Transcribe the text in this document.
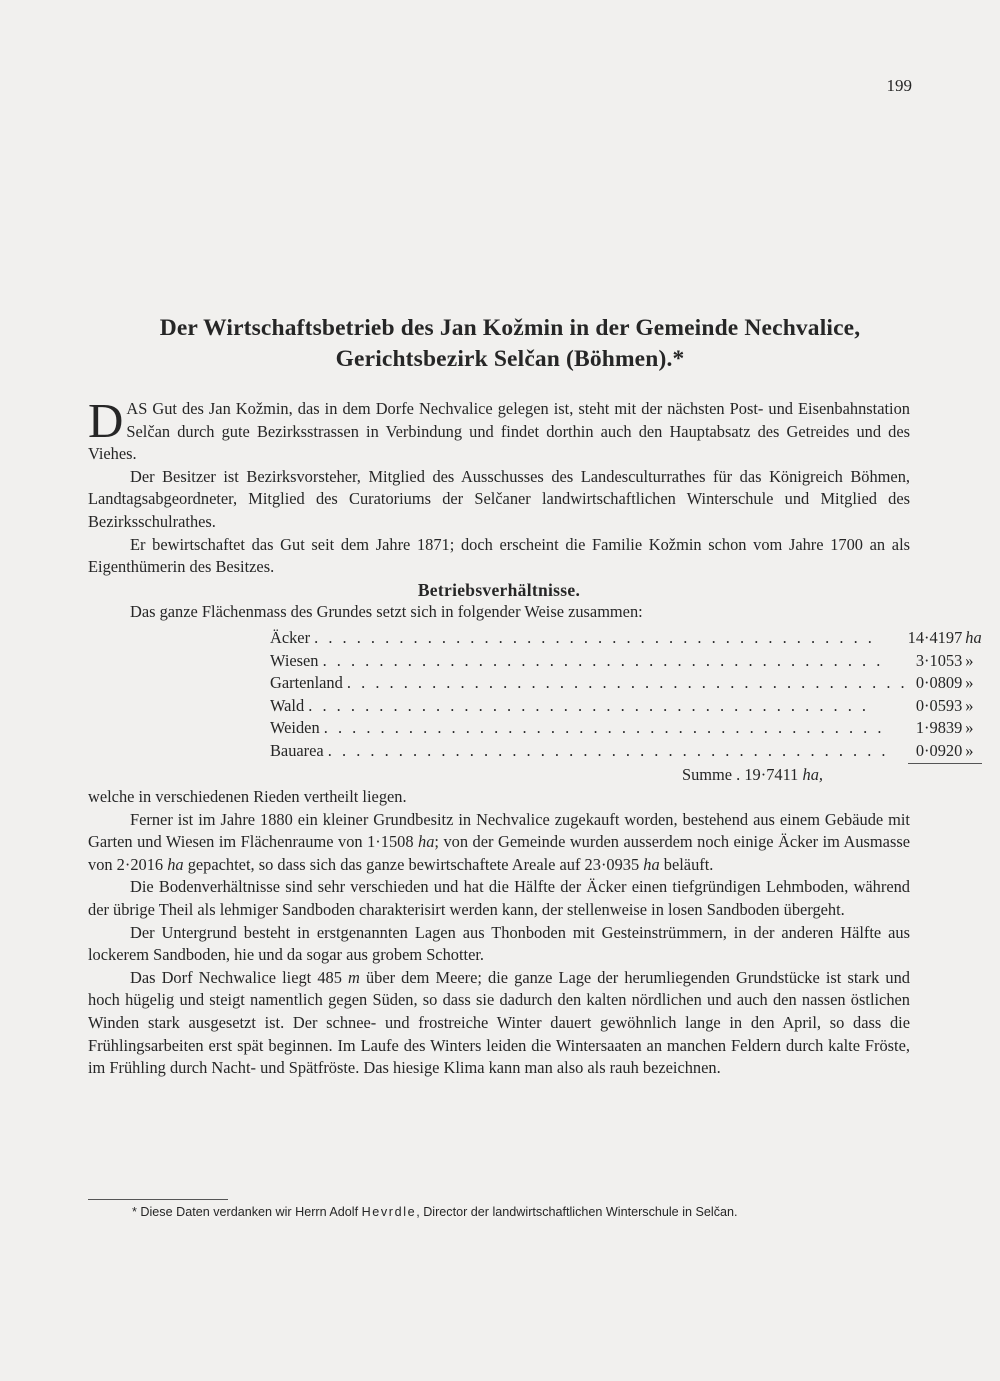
199
Der Wirtschaftsbetrieb des Jan Kožmin in der Gemeinde Nechvalice,
Gerichtsbezirk Selčan (Böhmen).*

DAS Gut des Jan Kožmin, das in dem Dorfe Nechvalice gelegen ist, steht mit der nächsten Post- und Eisenbahnstation Selčan durch gute Bezirksstrassen in Verbindung und findet dorthin auch den Hauptabsatz des Getreides und des Viehes.

Der Besitzer ist Bezirksvorsteher, Mitglied des Ausschusses des Landesculturrathes für das Königreich Böhmen, Landtagsabgeordneter, Mitglied des Curatoriums der Selčaner landwirtschaftlichen Winterschule und Mitglied des Bezirksschulrathes.

Er bewirtschaftet das Gut seit dem Jahre 1871; doch erscheint die Familie Kožmin schon vom Jahre 1700 an als Eigenthümerin des Besitzes.

Betriebsverhältnisse.

Das ganze Flächenmass des Grundes setzt sich in folgender Weise zusammen:

Äcker . . . . . . . . . . . . . . . . . . . . . . . . . . . . . . . . . . . . . . . .	14·4197	ha
Wiesen . . . . . . . . . . . . . . . . . . . . . . . . . . . . . . . . . . . . . . . .	3·1053	»
Gartenland . . . . . . . . . . . . . . . . . . . . . . . . . . . . . . . . . . . . . . . .	0·0809	»
Wald . . . . . . . . . . . . . . . . . . . . . . . . . . . . . . . . . . . . . . . .	0·0593	»
Weiden . . . . . . . . . . . . . . . . . . . . . . . . . . . . . . . . . . . . . . . .	1·9839	»
Bauarea . . . . . . . . . . . . . . . . . . . . . . . . . . . . . . . . . . . . . . . .	0·0920	»

Summe . 19·7411 ha,

welche in verschiedenen Rieden vertheilt liegen.

Ferner ist im Jahre 1880 ein kleiner Grundbesitz in Nechvalice zugekauft worden, bestehend aus einem Gebäude mit Garten und Wiesen im Flächenraume von 1·1508 ha; von der Gemeinde wurden ausserdem noch einige Äcker im Ausmasse von 2·2016 ha gepachtet, so dass sich das ganze bewirtschaftete Areale auf 23·0935 ha beläuft.

Die Bodenverhältnisse sind sehr verschieden und hat die Hälfte der Äcker einen tiefgründigen Lehmboden, während der übrige Theil als lehmiger Sandboden charakterisirt werden kann, der stellenweise in losen Sandboden übergeht.

Der Untergrund besteht in erstgenannten Lagen aus Thonboden mit Gesteinstrümmern, in der anderen Hälfte aus lockerem Sandboden, hie und da sogar aus grobem Schotter.

Das Dorf Nechwalice liegt 485 m über dem Meere; die ganze Lage der herumliegenden Grundstücke ist stark und hoch hügelig und steigt namentlich gegen Süden, so dass sie dadurch den kalten nördlichen und auch den nassen östlichen Winden stark ausgesetzt ist. Der schnee- und frostreiche Winter dauert gewöhnlich lange in den April, so dass die Frühlingsarbeiten erst spät beginnen. Im Laufe des Winters leiden die Wintersaaten an manchen Feldern durch kalte Fröste, im Frühling durch Nacht- und Spätfröste. Das hiesige Klima kann man also als rauh bezeichnen.

* Diese Daten verdanken wir Herrn Adolf Hevrdle, Director der landwirtschaftlichen Winterschule in Selčan.
